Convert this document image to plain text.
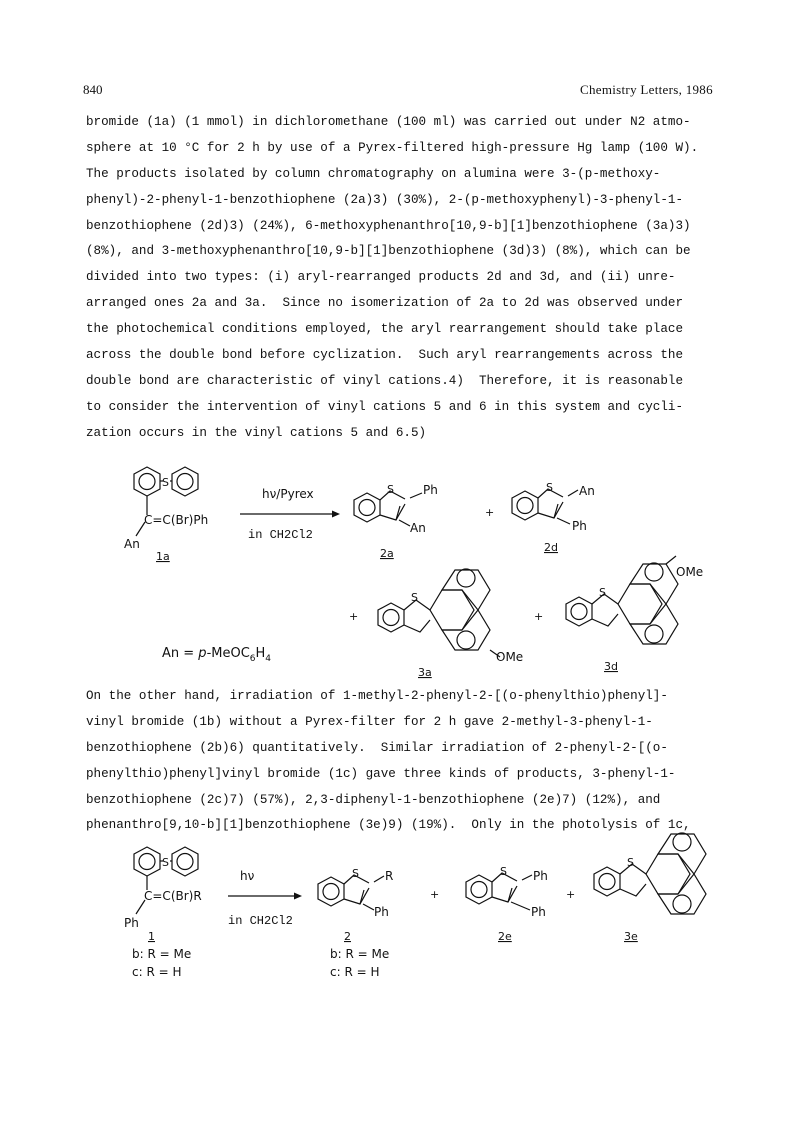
840	Chemistry Letters, 1986
bromide (1a) (1 mmol) in dichloromethane (100 ml) was carried out under N2 atmo-
sphere at 10 °C for 2 h by use of a Pyrex-filtered high-pressure Hg lamp (100 W).
The products isolated by column chromatography on alumina were 3-(p-methoxy-
phenyl)-2-phenyl-1-benzothiophene (2a)3) (30%), 2-(p-methoxyphenyl)-3-phenyl-1-
benzothiophene (2d)3) (24%), 6-methoxyphenanthro[10,9-b][1]benzothiophene (3a)3)
(8%), and 3-methoxyphenanthro[10,9-b][1]benzothiophene (3d)3) (8%), which can be
divided into two types: (i) aryl-rearranged products 2d and 3d, and (ii) unre-
arranged ones 2a and 3a.  Since no isomerization of 2a to 2d was observed under
the photochemical conditions employed, the aryl rearrangement should take place
across the double bond before cyclization.  Such aryl rearrangements across the
double bond are characteristic of vinyl cations.4)  Therefore, it is reasonable
to consider the intervention of vinyl cations 5 and 6 in this system and cycli-
zation occurs in the vinyl cations 5 and 6.5)
S
C=C(Br)Ph
An
1a
hν/Pyrex
in CH2Cl2
S Ph
An
2a
+
S An
Ph
2d
+
S
OMe
3a
$An = p-MeOC_6H_4$
+
S
OMe
3d
On the other hand, irradiation of 1-methyl-2-phenyl-2-[(o-phenylthio)phenyl]-
vinyl bromide (1b) without a Pyrex-filter for 2 h gave 2-methyl-3-phenyl-1-
benzothiophene (2b)6) quantitatively.  Similar irradiation of 2-phenyl-2-[(o-
phenylthio)phenyl]vinyl bromide (1c) gave three kinds of products, 3-phenyl-1-
benzothiophene (2c)7) (57%), 2,3-diphenyl-1-benzothiophene (2e)7) (12%), and
phenanthro[9,10-b][1]benzothiophene (3e)9) (19%).  Only in the photolysis of 1c,
S
C=C(Br)R
Ph
1
b: R = Me
c: R = H
hν
in CH2Cl2
S R
Ph
2
b: R = Me
c: R = H
+
S Ph
Ph
2e
+
S
3e
